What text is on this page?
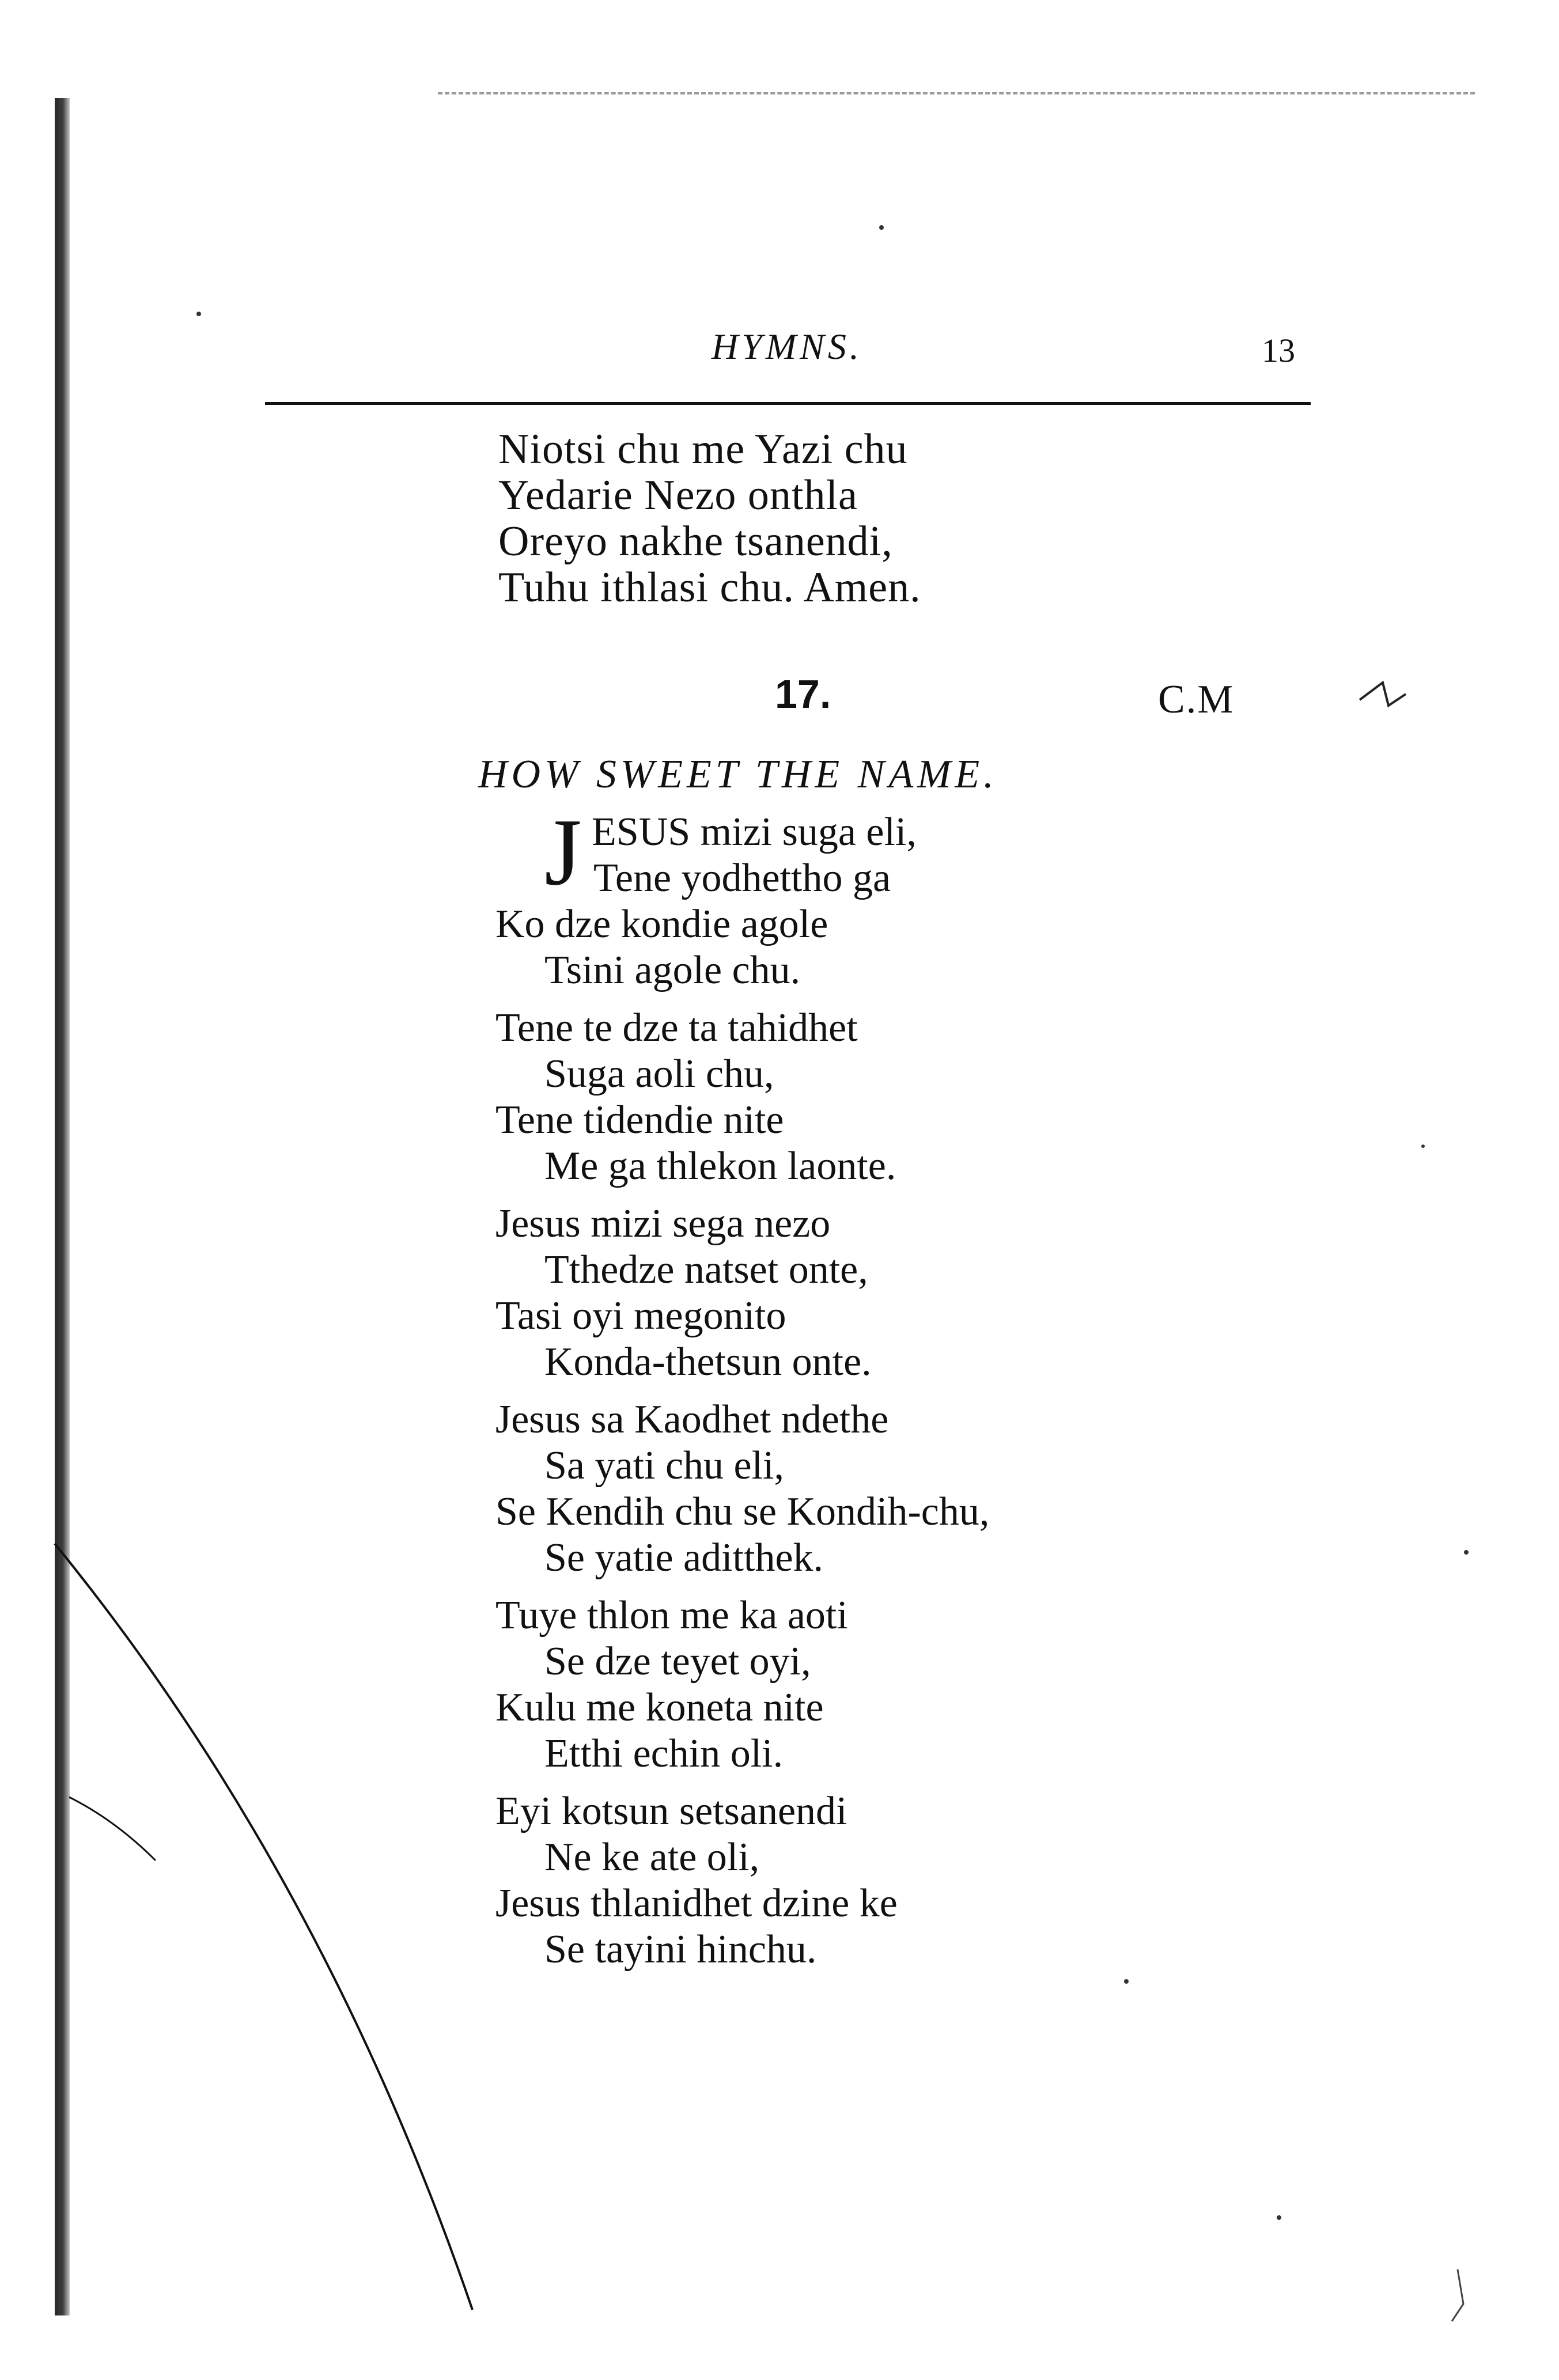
HYMNS.	13
Niotsi chu me Yazi chu
Yedarie Nezo onthla
Oreyo nakhe tsanendi,
Tuhu ithlasi chu. Amen.
17.	C.M
HOW SWEET THE NAME.
J ESUS mizi suga eli,
Tene yodhettho ga
Ko dze kondie agole
Tsini agole chu.
Tene te dze ta tahidhet
Suga aoli chu,
Tene tidendie nite
Me ga thlekon laonte.
Jesus mizi sega nezo
Tthedze natset onte,
Tasi oyi megonito
Konda-thetsun onte.
Jesus sa Kaodhet ndethe
Sa yati chu eli,
Se Kendih chu se Kondih-chu,
Se yatie aditthek.
Tuye thlon me ka aoti
Se dze teyet oyi,
Kulu me koneta nite
Etthi echin oli.
Eyi kotsun setsanendi
Ne ke ate oli,
Jesus thlanidhet dzine ke
Se tayini hinchu.
